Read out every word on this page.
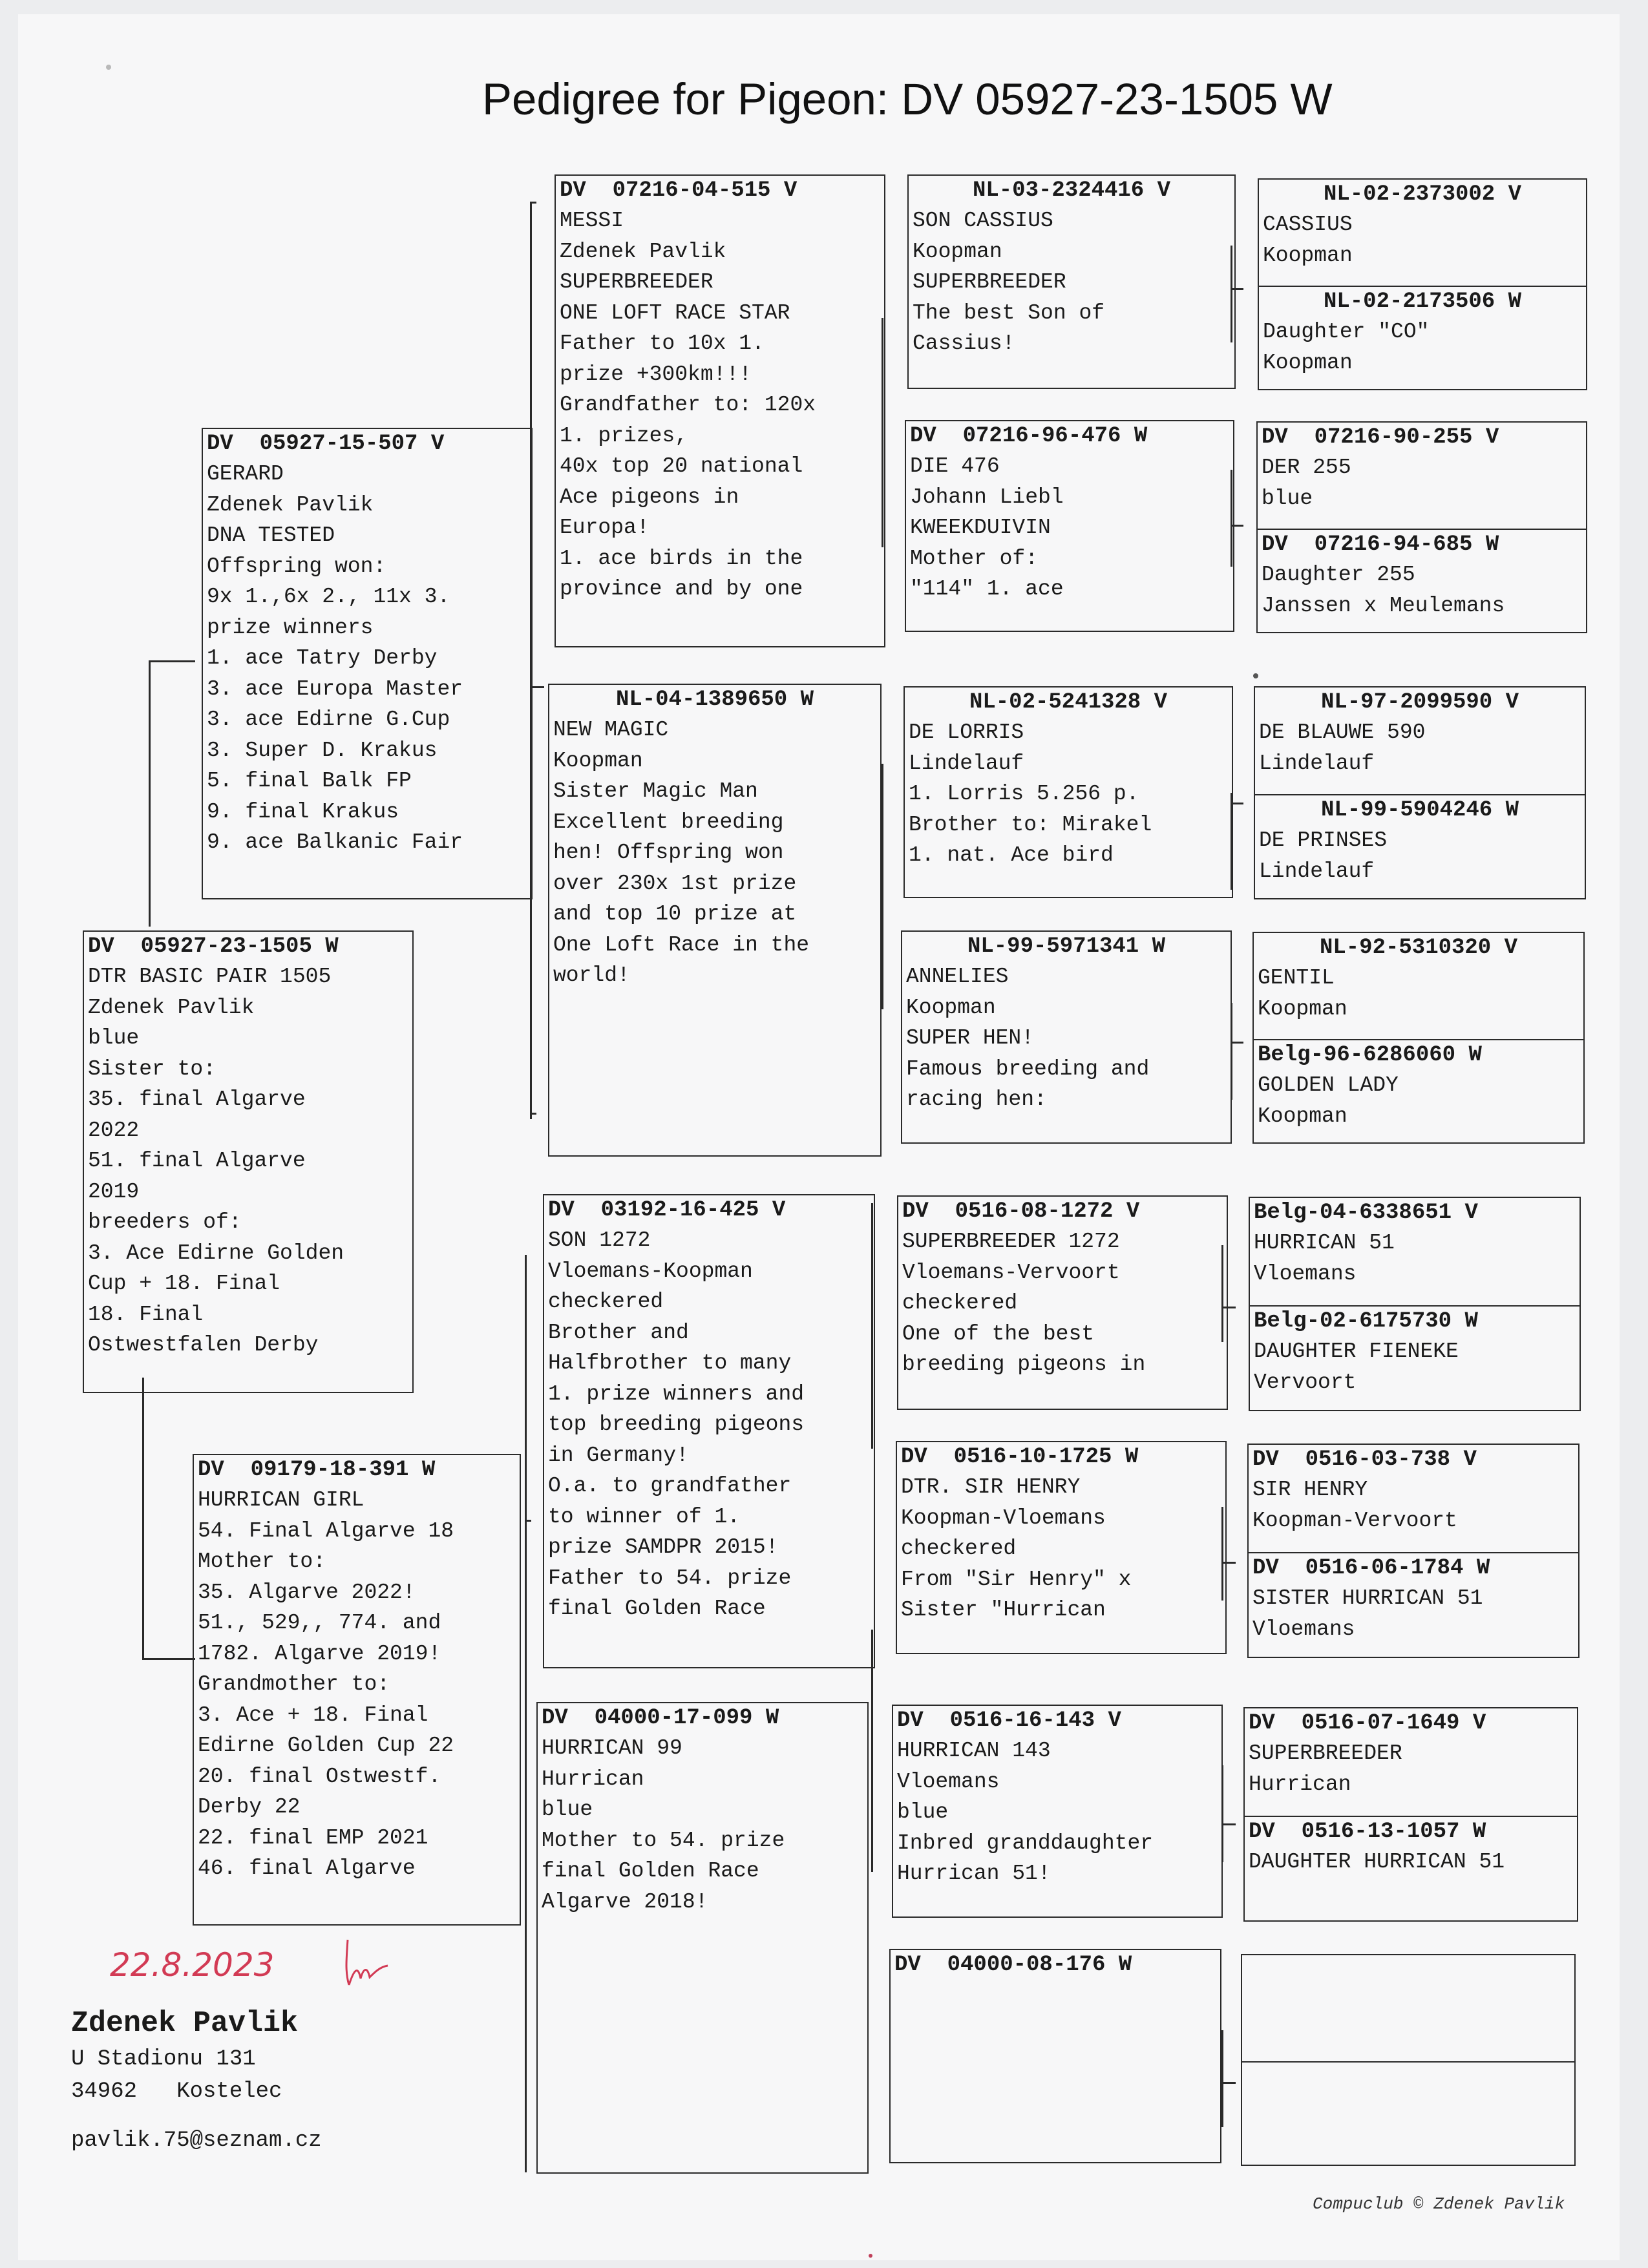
Pedigree for Pigeon: DV 05927-23-1505 W
DV  05927-23-1505 W
DTR BASIC PAIR 1505
Zdenek Pavlik
blue
Sister to:
35. final Algarve
2022
51. final Algarve
2019
breeders of:
3. Ace Edirne Golden
Cup + 18. Final
18. Final
Ostwestfalen Derby
DV  05927-15-507 V
GERARD
Zdenek Pavlik
DNA TESTED
Offspring won:
9x 1.,6x 2., 11x 3.
prize winners
1. ace Tatry Derby
3. ace Europa Master
3. ace Edirne G.Cup
3. Super D. Krakus
5. final Balk FP
9. final Krakus
9. ace Balkanic Fair
DV  09179-18-391 W
HURRICAN GIRL
54. Final Algarve 18
Mother to:
35. Algarve 2022!
51., 529,, 774. and
1782. Algarve 2019!
Grandmother to:
3. Ace + 18. Final
Edirne Golden Cup 22
20. final Ostwestf.
Derby 22
22. final EMP 2021
46. final Algarve
DV  07216-04-515 V
MESSI
Zdenek Pavlik
SUPERBREEDER
ONE LOFT RACE STAR
Father to 10x 1.
prize +300km!!!
Grandfather to: 120x
1. prizes,
40x top 20 national
Ace pigeons in
Europa!
1. ace birds in the
province and by one
NL-04-1389650 W
NEW MAGIC
Koopman
Sister Magic Man
Excellent breeding
hen! Offspring won
over 230x 1st prize
and top 10 prize at
One Loft Race in the
world!
DV  03192-16-425 V
SON 1272
Vloemans-Koopman
checkered
Brother and
Halfbrother to many
1. prize winners and
top breeding pigeons
in Germany!
O.a. to grandfather
to winner of 1.
prize SAMDPR 2015!
Father to 54. prize
final Golden Race
DV  04000-17-099 W
HURRICAN 99
Hurrican
blue
Mother to 54. prize
final Golden Race
Algarve 2018!
NL-03-2324416 V
SON CASSIUS
Koopman
SUPERBREEDER
The best Son of
Cassius!
DV  07216-96-476 W
DIE 476
Johann Liebl
KWEEKDUIVIN
Mother of:
"114" 1. ace
NL-02-5241328 V
DE LORRIS
Lindelauf
1. Lorris 5.256 p.
Brother to: Mirakel
1. nat. Ace bird
NL-99-5971341 W
ANNELIES
Koopman
SUPER HEN!
Famous breeding and
racing hen:
DV  0516-08-1272 V
SUPERBREEDER 1272
Vloemans-Vervoort
checkered
One of the best
breeding pigeons in
DV  0516-10-1725 W
DTR. SIR HENRY
Koopman-Vloemans
checkered
From "Sir Henry" x
Sister "Hurrican
DV  0516-16-143 V
HURRICAN 143
Vloemans
blue
Inbred granddaughter
Hurrican 51!
DV  04000-08-176 W
NL-02-2373002 V
CASSIUS
Koopman
NL-02-2173506 W
Daughter "CO"
Koopman
DV  07216-90-255 V
DER 255
blue
DV  07216-94-685 W
Daughter 255
Janssen x Meulemans
NL-97-2099590 V
DE BLAUWE 590
Lindelauf
NL-99-5904246 W
DE PRINSES
Lindelauf
NL-92-5310320 V
GENTIL
Koopman
Belg-96-6286060 W
GOLDEN LADY
Koopman
Belg-04-6338651 V
HURRICAN 51
Vloemans
Belg-02-6175730 W
DAUGHTER FIENEKE
Vervoort
DV  0516-03-738 V
SIR HENRY
Koopman-Vervoort
DV  0516-06-1784 W
SISTER HURRICAN 51
Vloemans
DV  0516-07-1649 V
SUPERBREEDER
Hurrican
DV  0516-13-1057 W
DAUGHTER HURRICAN 51
22.8.2023
Zdenek Pavlik
U Stadionu 131
34962   Kostelec
pavlik.75@seznam.cz
Compuclub © Zdenek Pavlik
